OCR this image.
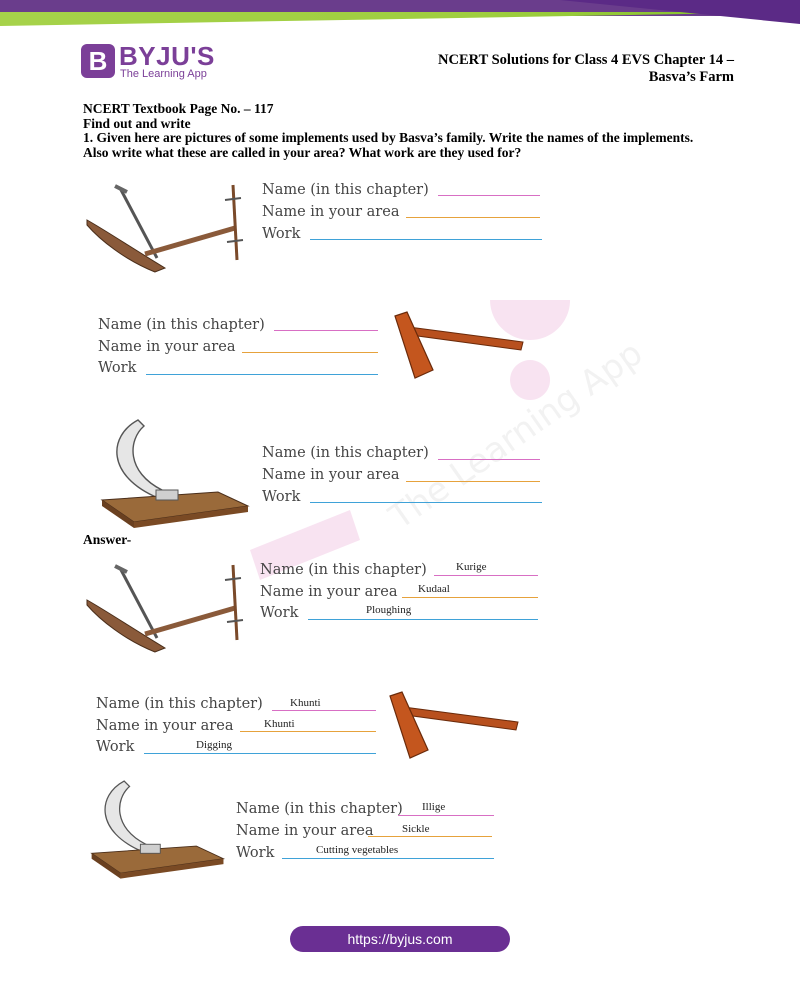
B BYJU'S
The Learning App
NCERT Solutions for Class 4 EVS Chapter 14 –
Basva’s Farm
NCERT Textbook Page No. – 117
Find out and write
1. Given here are pictures of some implements used by Basva’s family. Write the names of the implements.
Also write what these are called in your area? What work are they used for?
The Learning App
Name (in this chapter)
Name in your area
Work
Name (in this chapter)
Name in your area
Work
Name (in this chapter)
Name in your area
Work
Answer-
Name (in this chapter)	Kurige
Name in your area Kudaal
Work	Ploughing
Name (in this chapter) Khunti
Name in your area	Khunti
Work	Digging
Name (in this chapter) Illige
Name in your area	Sickle
Work	Cutting vegetables
https://byjus.com
